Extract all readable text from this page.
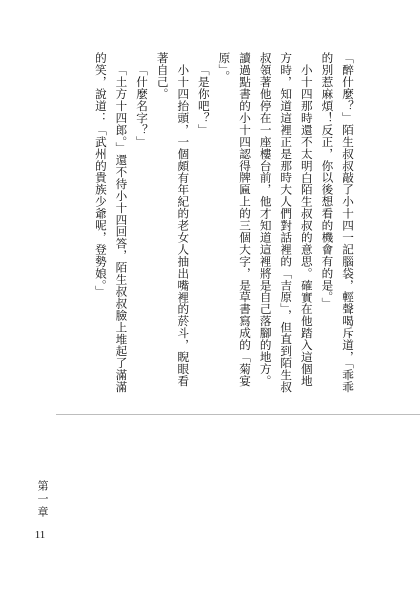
「醉什麼？」陌生叔叔敲了小十四一記腦袋，輕聲喝斥道，「乖乖的別惹麻煩！反正，你以後想看的機會有的是。」

小十四那時還不太明白陌生叔叔的意思。確實在他踏入這個地方時，知道這裡正是那時大人們對話裡的「吉原」，但直到陌生叔叔領著他停在一座樓台前，他才知道這裡將是自己落腳的地方。讀過點書的小十四認得牌匾上的三個大字，是草書寫成的「菊宴原」。

「是你吧？」

小十四抬頭，一個頗有年紀的老女人抽出嘴裡的菸斗，睨眼看著自己。

「什麼名字？」

「土方十四郎。」還不待小十四回答，陌生叔叔臉上堆起了滿滿的笑，說道：「武州的貴族少爺呢，登勢娘。」

第一章
11
